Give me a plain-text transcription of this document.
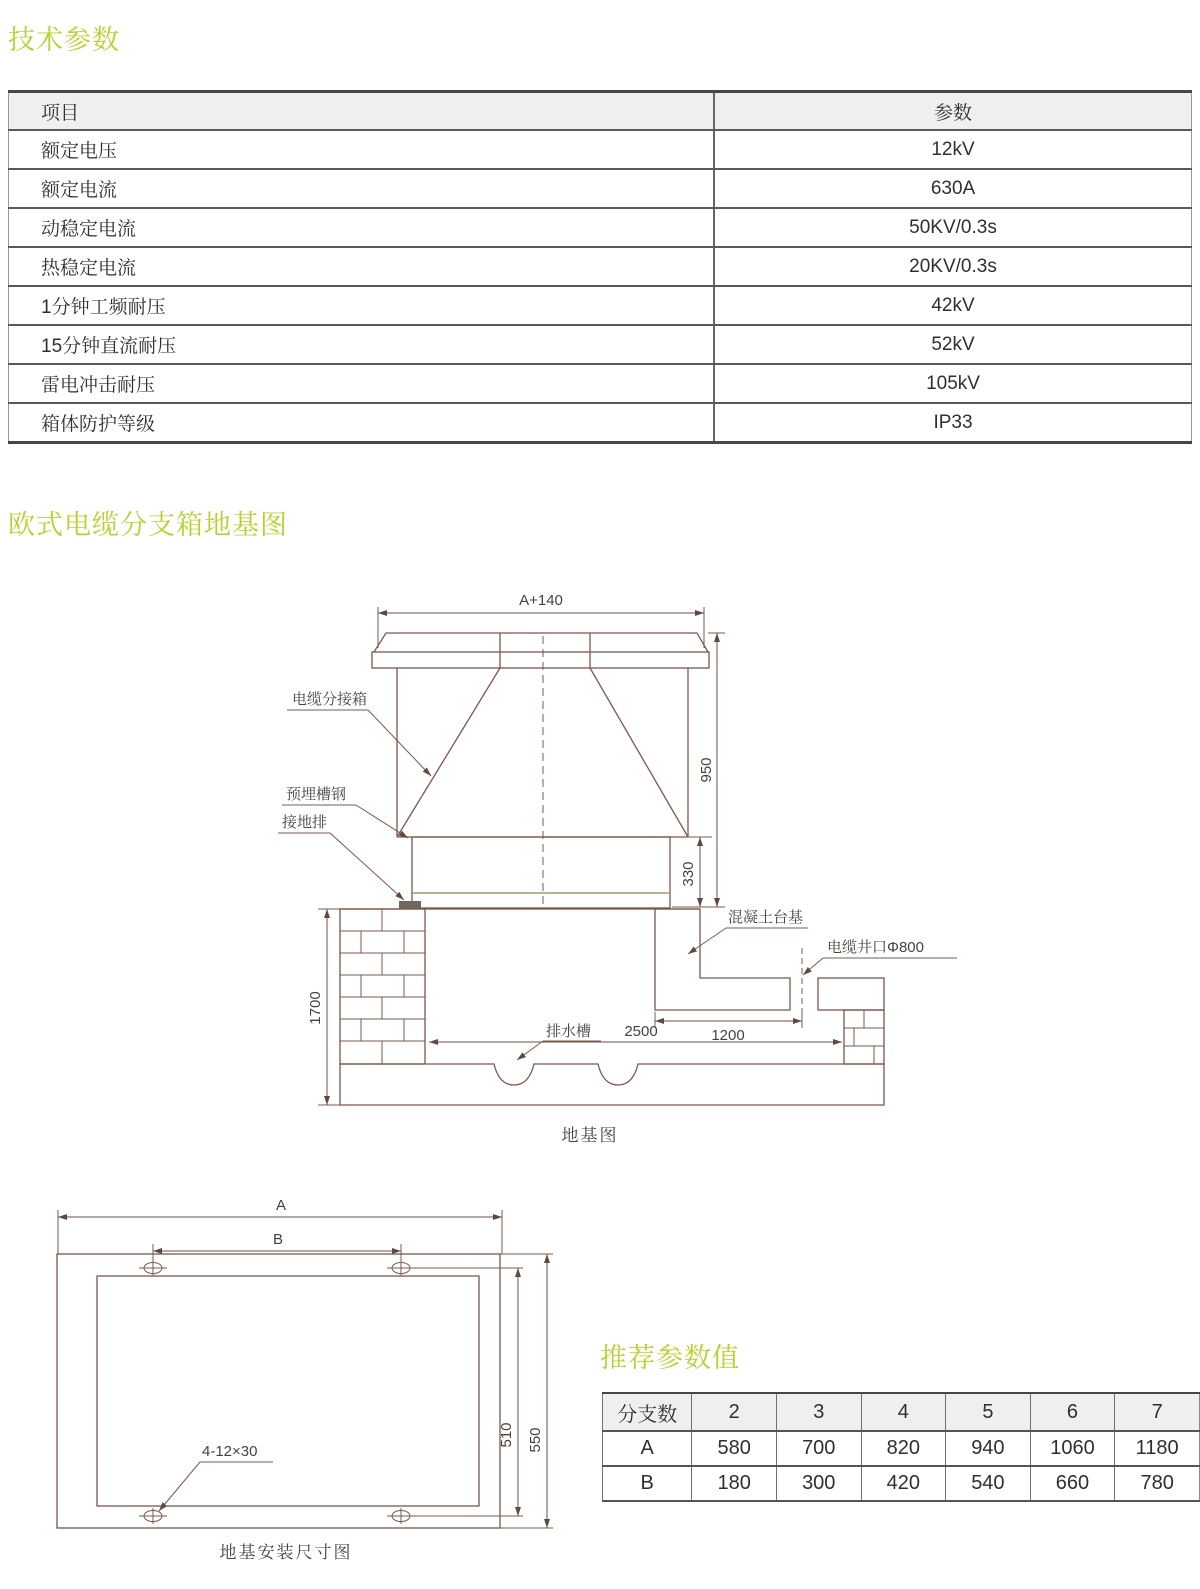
技术参数
欧式电缆分支箱地基图
推荐参数值
项目	参数
额定电压	12kV
额定电流	630A
动稳定电流	50KV/0.3s
热稳定电流	20KV/0.3s
1分钟工频耐压	42kV
15分钟直流耐压	52kV
雷电冲击耐压	105kV
箱体防护等级	IP33
A+140
950
330
1700
1200
2500
电缆分接箱
预埋槽钢
接地排
混凝土台基
电缆井口Φ800
排水槽
地基图
A
B
510 550
4-12×30
地基安装尺寸图
分支数	2	3	4	5	6	7
A	580	700	820	940	1060	1180
B	180	300	420	540	660	780
